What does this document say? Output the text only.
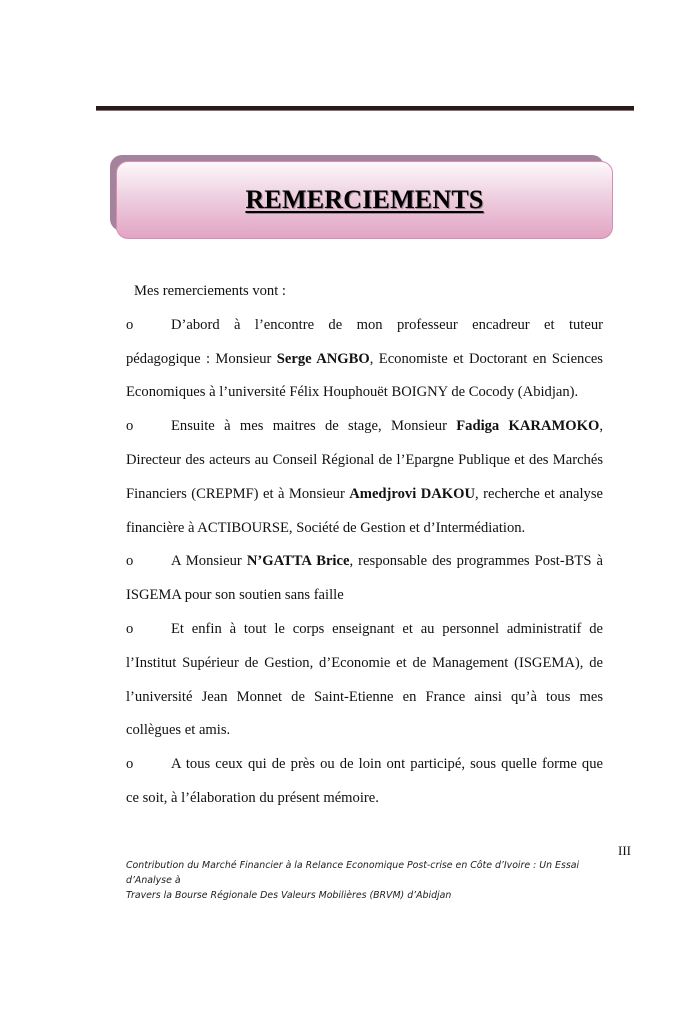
REMERCIEMENTS
Mes remerciements vont :
o	D’abord à l’encontre de mon professeur encadreur et tuteur
pédagogique : Monsieur Serge ANGBO, Economiste et Doctorant en Sciences
Economiques à l’université Félix Houphouët BOIGNY de Cocody (Abidjan).
o	Ensuite à mes maitres de stage, Monsieur Fadiga KARAMOKO,
Directeur des acteurs au Conseil Régional de l’Epargne Publique et des Marchés
Financiers (CREPMF) et à Monsieur Amedjrovi DAKOU, recherche et analyse
financière à ACTIBOURSE, Société de Gestion et d’Intermédiation.
o	A Monsieur N’GATTA Brice, responsable des programmes Post-BTS à
ISGEMA pour son soutien sans faille
o	Et enfin à tout le corps enseignant et au personnel administratif de
l’Institut Supérieur de Gestion, d’Economie et de Management (ISGEMA), de
l’université Jean Monnet de Saint-Etienne en France ainsi qu’à tous mes
collègues et amis.
o	A tous ceux qui de près ou de loin ont participé, sous quelle forme que
ce soit, à l’élaboration du présent mémoire.
III
Contribution du Marché Financier à la Relance Economique Post-crise en Côte d’Ivoire : Un Essai d’Analyse à
Travers la Bourse Régionale Des Valeurs Mobilières (BRVM) d’Abidjan
